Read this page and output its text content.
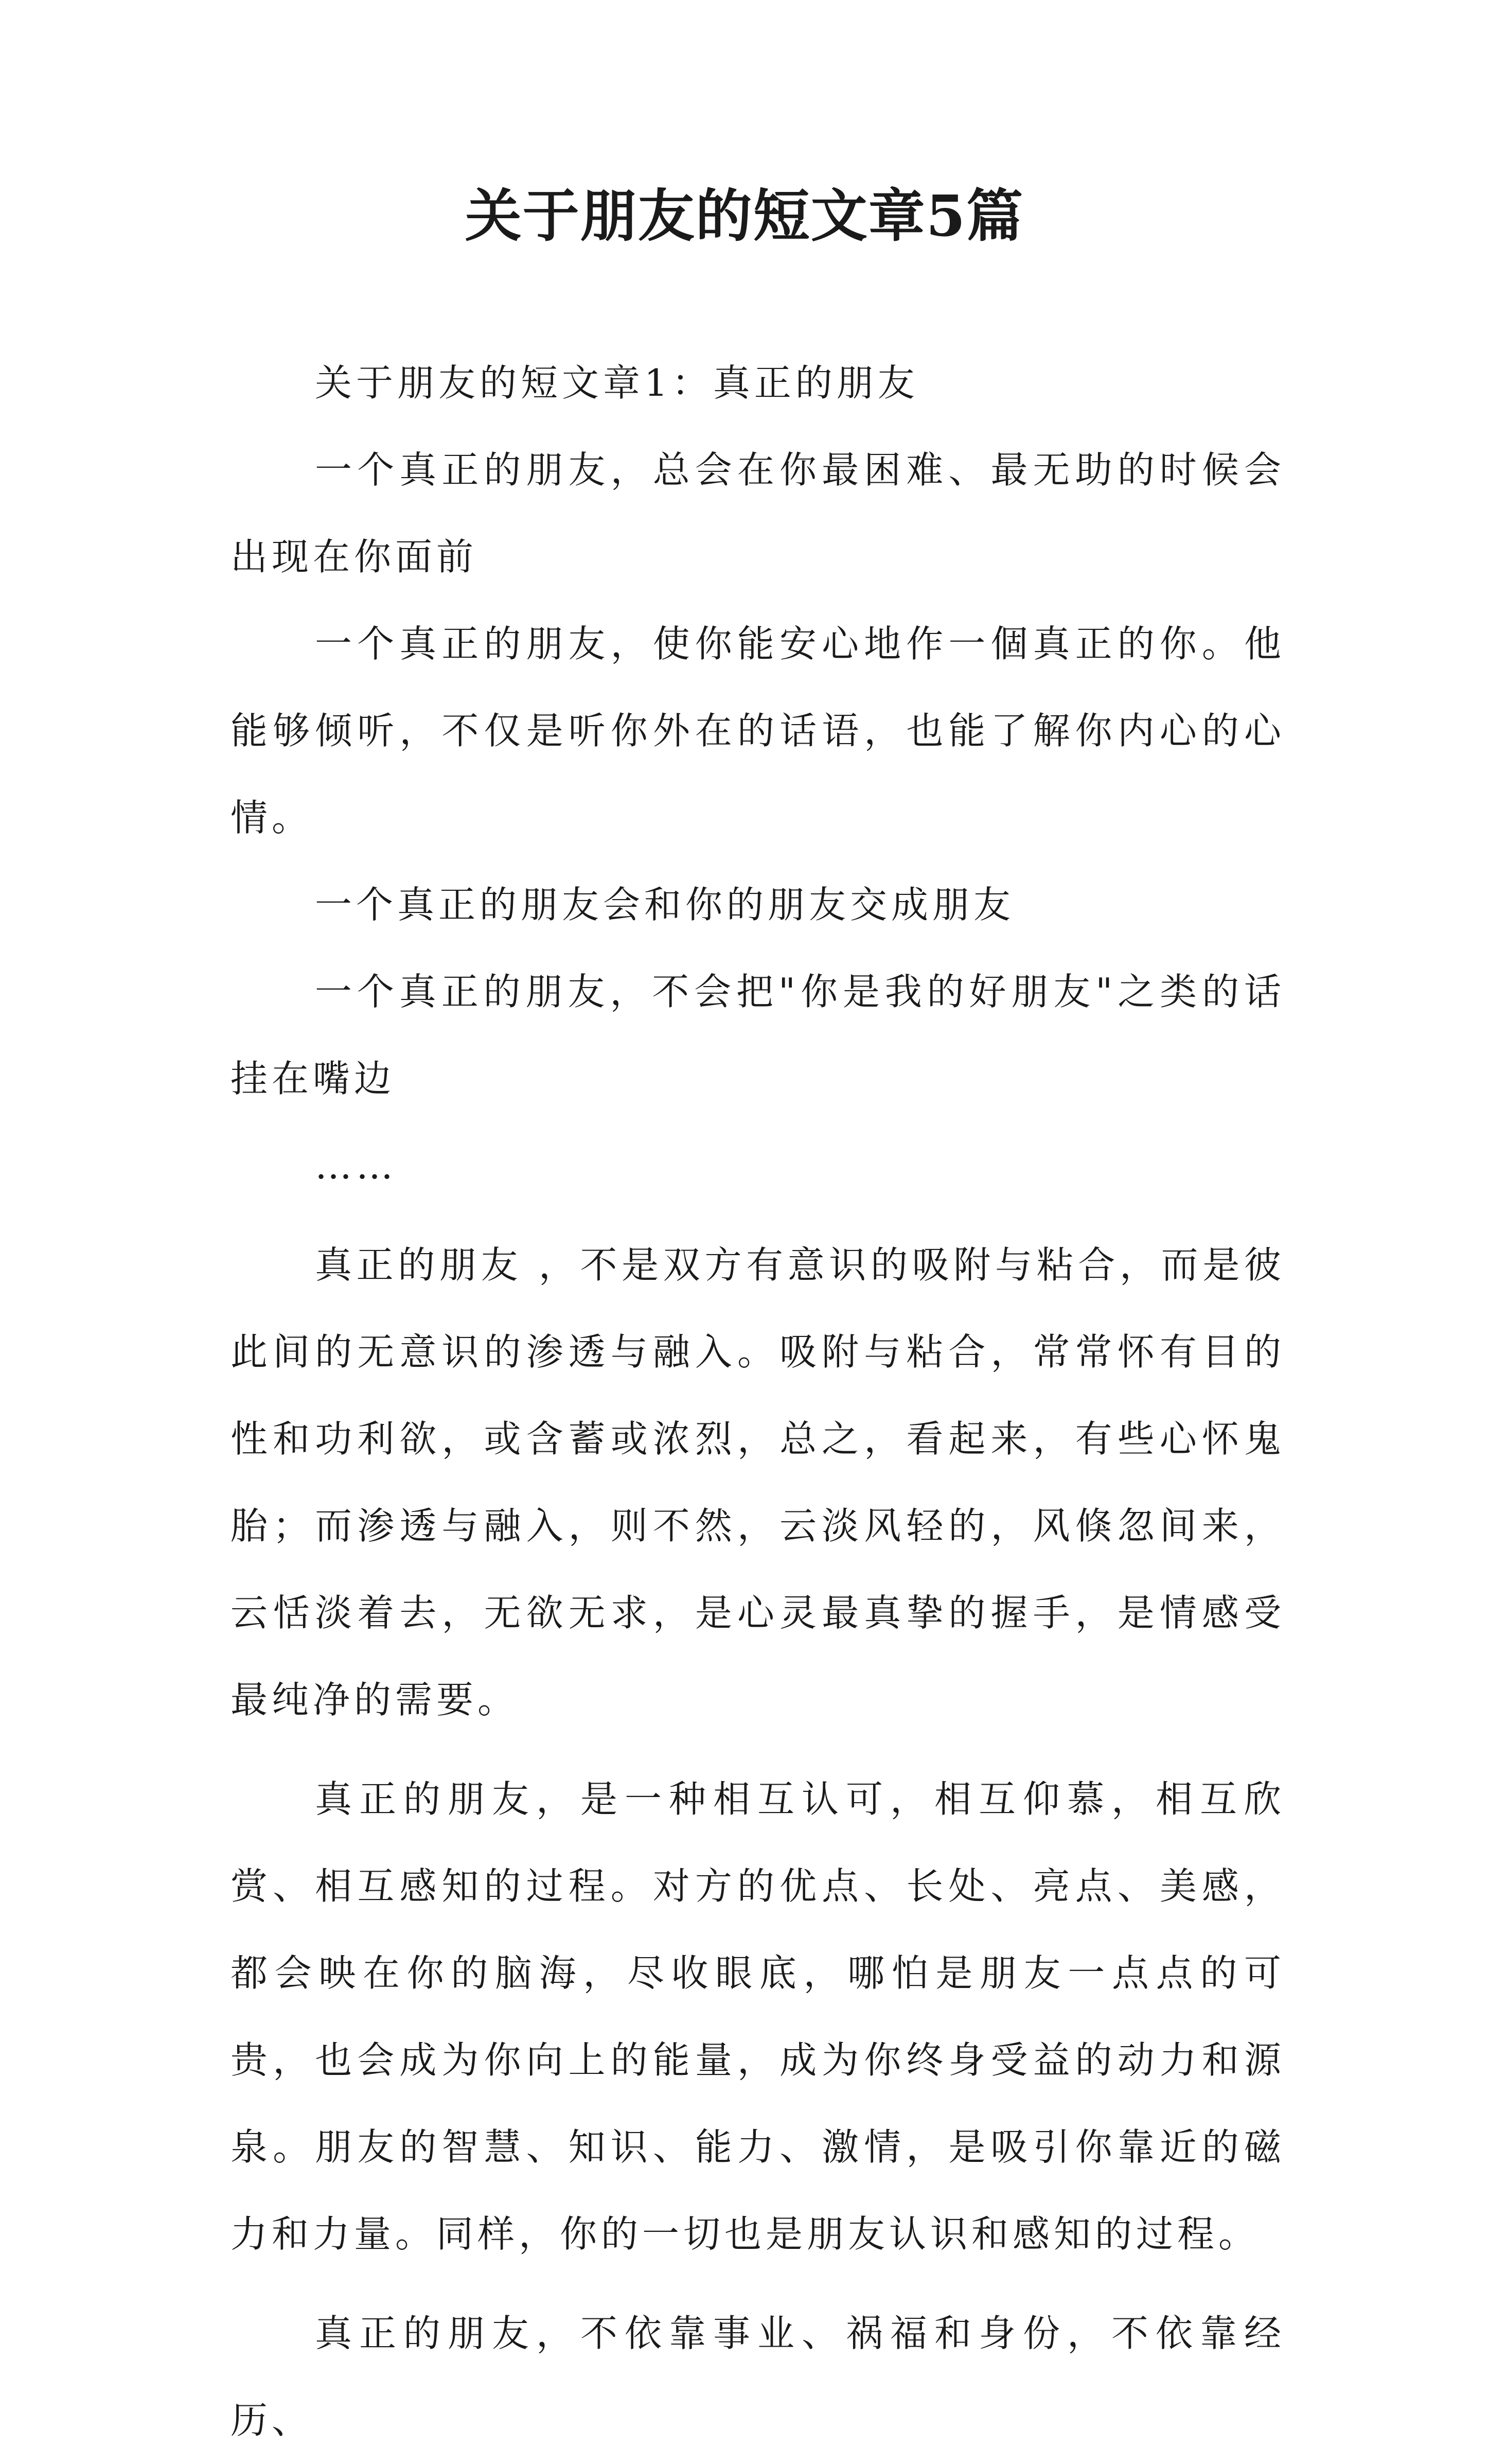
关于朋友的短文章5篇

关于朋友的短文章1：真正的朋友

一个真正的朋友，总会在你最困难、最无助的时候会出现在你面前

一个真正的朋友，使你能安心地作一個真正的你。他能够倾听，不仅是听你外在的话语，也能了解你内心的心情。

一个真正的朋友会和你的朋友交成朋友

一个真正的朋友，不会把"你是我的好朋友"之类的话挂在嘴边

……

真正的朋友 ，不是双方有意识的吸附与粘合，而是彼此间的无意识的渗透与融入。吸附与粘合，常常怀有目的性和功利欲，或含蓄或浓烈，总之，看起来，有些心怀鬼胎；而渗透与融入，则不然，云淡风轻的，风倏忽间来，云恬淡着去，无欲无求，是心灵最真挚的握手，是情感受最纯净的需要。

真正的朋友，是一种相互认可，相互仰慕，相互欣赏、相互感知的过程。对方的优点、长处、亮点、美感，都会映在你的脑海，尽收眼底，哪怕是朋友一点点的可贵，也会成为你向上的能量，成为你终身受益的动力和源泉。朋友的智慧、知识、能力、激情，是吸引你靠近的磁力和力量。同样，你的一切也是朋友认识和感知的过程。

真正的朋友，不依靠事业、祸福和身份，不依靠经历、
